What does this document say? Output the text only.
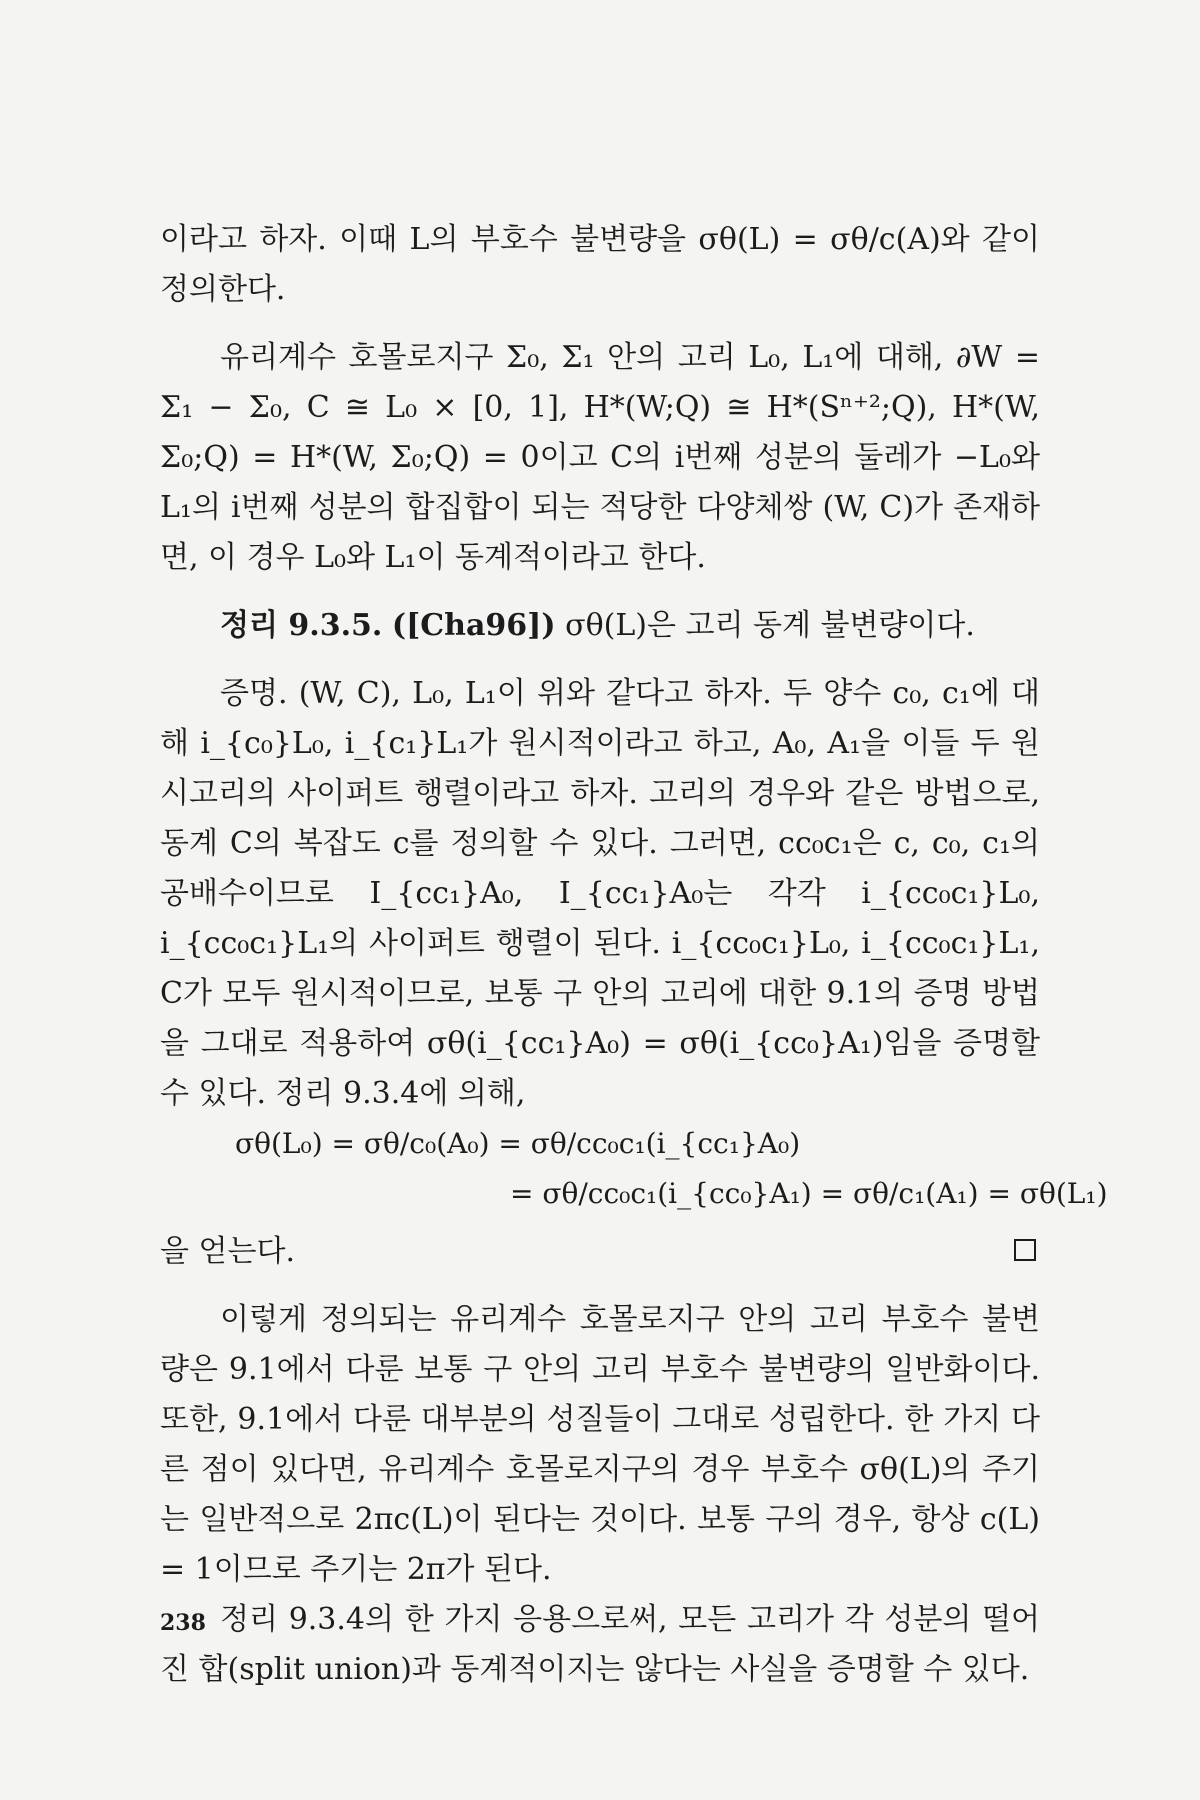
이라고 하자. 이때 L의 부호수 불변량을 σθ(L) = σθ/c(A)와 같이 정의한다.

유리계수 호몰로지구 Σ₀, Σ₁ 안의 고리 L₀, L₁에 대해, ∂W = Σ₁ − Σ₀, C ≅ L₀ × [0, 1], H*(W;Q) ≅ H*(Sⁿ⁺²;Q), H*(W, Σ₀;Q) = H*(W, Σ₀;Q) = 0이고 C의 i번째 성분의 둘레가 −L₀와 L₁의 i번째 성분의 합집합이 되는 적당한 다양체쌍 (W, C)가 존재하면, 이 경우 L₀와 L₁이 동계적이라고 한다.

정리 9.3.5. ([Cha96]) σθ(L)은 고리 동계 불변량이다.

증명. (W, C), L₀, L₁이 위와 같다고 하자. 두 양수 c₀, c₁에 대해 i_{c₀}L₀, i_{c₁}L₁가 원시적이라고 하고, A₀, A₁을 이들 두 원시고리의 사이퍼트 행렬이라고 하자. 고리의 경우와 같은 방법으로, 동계 C의 복잡도 c를 정의할 수 있다. 그러면, cc₀c₁은 c, c₀, c₁의 공배수이므로 I_{cc₁}A₀, I_{cc₁}A₀는 각각 i_{cc₀c₁}L₀, i_{cc₀c₁}L₁의 사이퍼트 행렬이 된다. i_{cc₀c₁}L₀, i_{cc₀c₁}L₁, C가 모두 원시적이므로, 보통 구 안의 고리에 대한 9.1의 증명 방법을 그대로 적용하여 σθ(i_{cc₁}A₀) = σθ(i_{cc₀}A₁)임을 증명할 수 있다. 정리 9.3.4에 의해,

σθ(L₀) = σθ/c₀(A₀) = σθ/cc₀c₁(i_{cc₁}A₀)

= σθ/cc₀c₁(i_{cc₀}A₁) = σθ/c₁(A₁) = σθ(L₁)

을 얻는다.

이렇게 정의되는 유리계수 호몰로지구 안의 고리 부호수 불변량은 9.1에서 다룬 보통 구 안의 고리 부호수 불변량의 일반화이다. 또한, 9.1에서 다룬 대부분의 성질들이 그대로 성립한다. 한 가지 다른 점이 있다면, 유리계수 호몰로지구의 경우 부호수 σθ(L)의 주기는 일반적으로 2πc(L)이 된다는 것이다. 보통 구의 경우, 항상 c(L) = 1이므로 주기는 2π가 된다.

정리 9.3.4의 한 가지 응용으로써, 모든 고리가 각 성분의 떨어진 합(split union)과 동계적이지는 않다는 사실을 증명할 수 있다.

238
